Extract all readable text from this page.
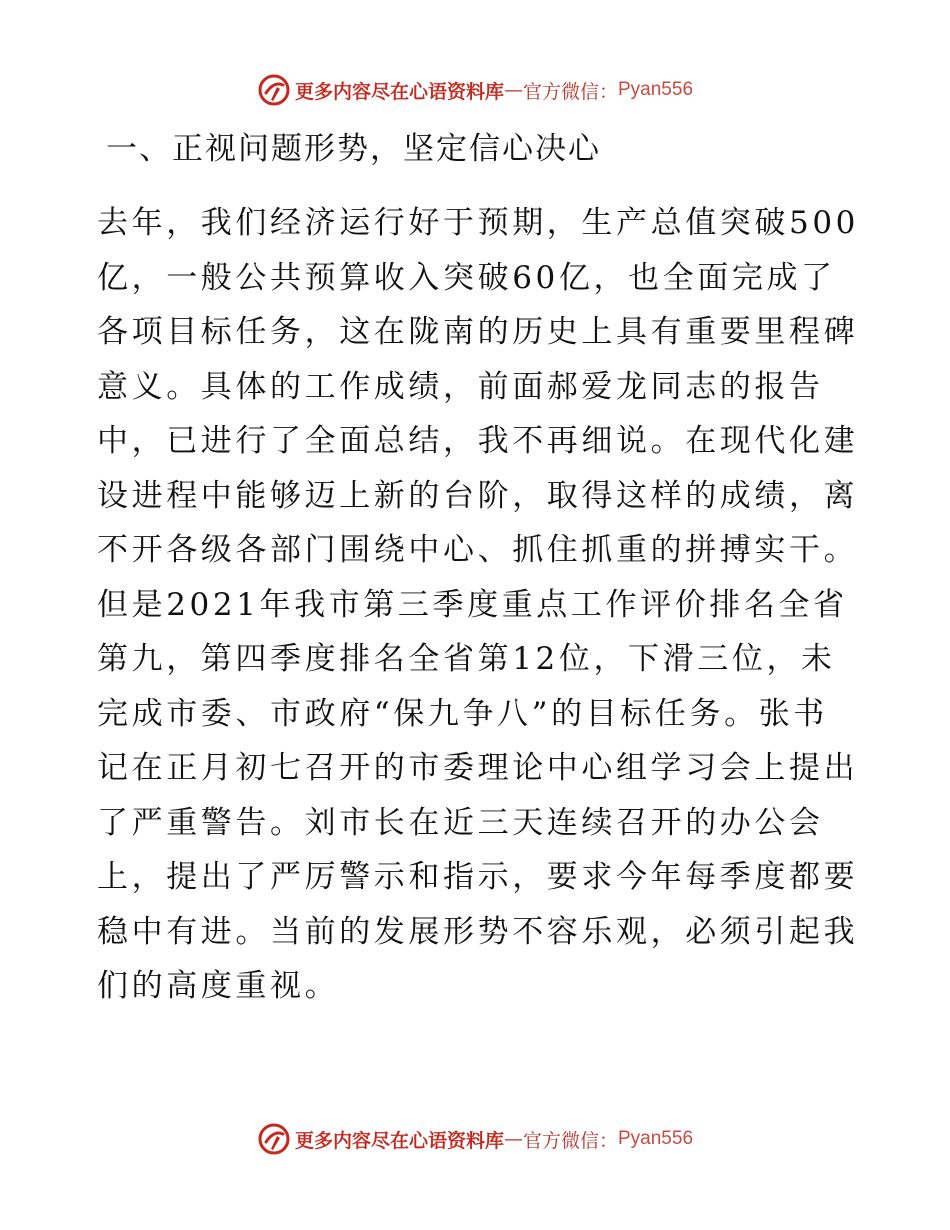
更多内容尽在心语资料库 — 官方微信： Pyan556
一、正视问题形势，坚定信心决心
去年，我们经济运行好于预期，生产总值突破500
亿，一般公共预算收入突破60亿，也全面完成了
各项目标任务，这在陇南的历史上具有重要里程碑
意义。具体的工作成绩，前面郝爱龙同志的报告
中，已进行了全面总结，我不再细说。在现代化建
设进程中能够迈上新的台阶，取得这样的成绩，离
不开各级各部门围绕中心、抓住抓重的拼搏实干。
但是2021年我市第三季度重点工作评价排名全省
第九，第四季度排名全省第12位，下滑三位，未
完成市委、市政府“保九争八”的目标任务。张书
记在正月初七召开的市委理论中心组学习会上提出
了严重警告。刘市长在近三天连续召开的办公会
上，提出了严厉警示和指示，要求今年每季度都要
稳中有进。当前的发展形势不容乐观，必须引起我
们的高度重视。
更多内容尽在心语资料库 — 官方微信： Pyan556
